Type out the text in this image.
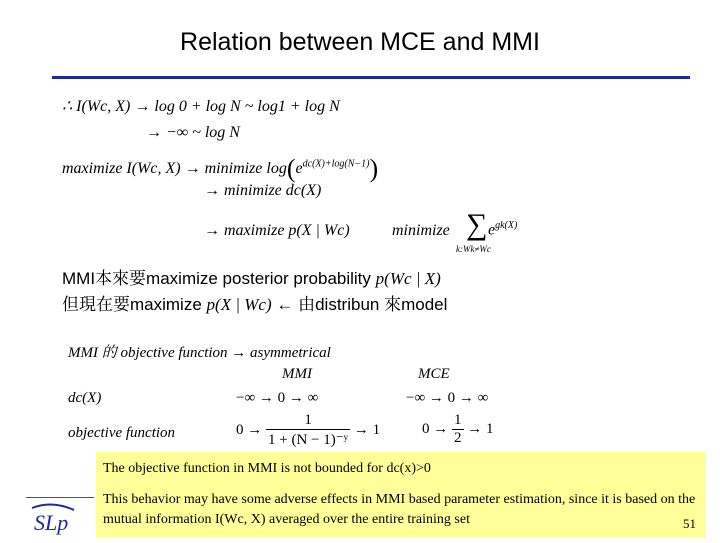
Relation between MCE and MMI
∴ I(Wc, X) → log 0 + log N ~ log1 + log N
→ −∞ ~ log N
maximize I(Wc, X) → minimize $\log(e^{dc(X)+log(N-1)})$
→ minimize dc(X)
→ maximize p(X | Wc)	minimize ∑
k:Wk≠Wc
$e^{gk(X)}$
MMI本來要maximize posterior probability p(Wc | X)
但現在要maximize p(X | Wc) ← 由distribun 來model
MMI 的 objective function → asymmetrical
MMI	MCE
dc(X)	−∞ → 0 → ∞	−∞ → 0 → ∞
objective function	$0 \to \frac{1}{\text{1 + (N − 1)⁻ʸ}} \to 1$	$0 \to \frac{1}{2} \to 1$
The objective function in MMI is not bounded for dc(x)>0
This behavior may have some adverse effects in MMI based parameter estimation, since it is based on the mutual information I(Wc, X) averaged over the entire training set
SLp	51
